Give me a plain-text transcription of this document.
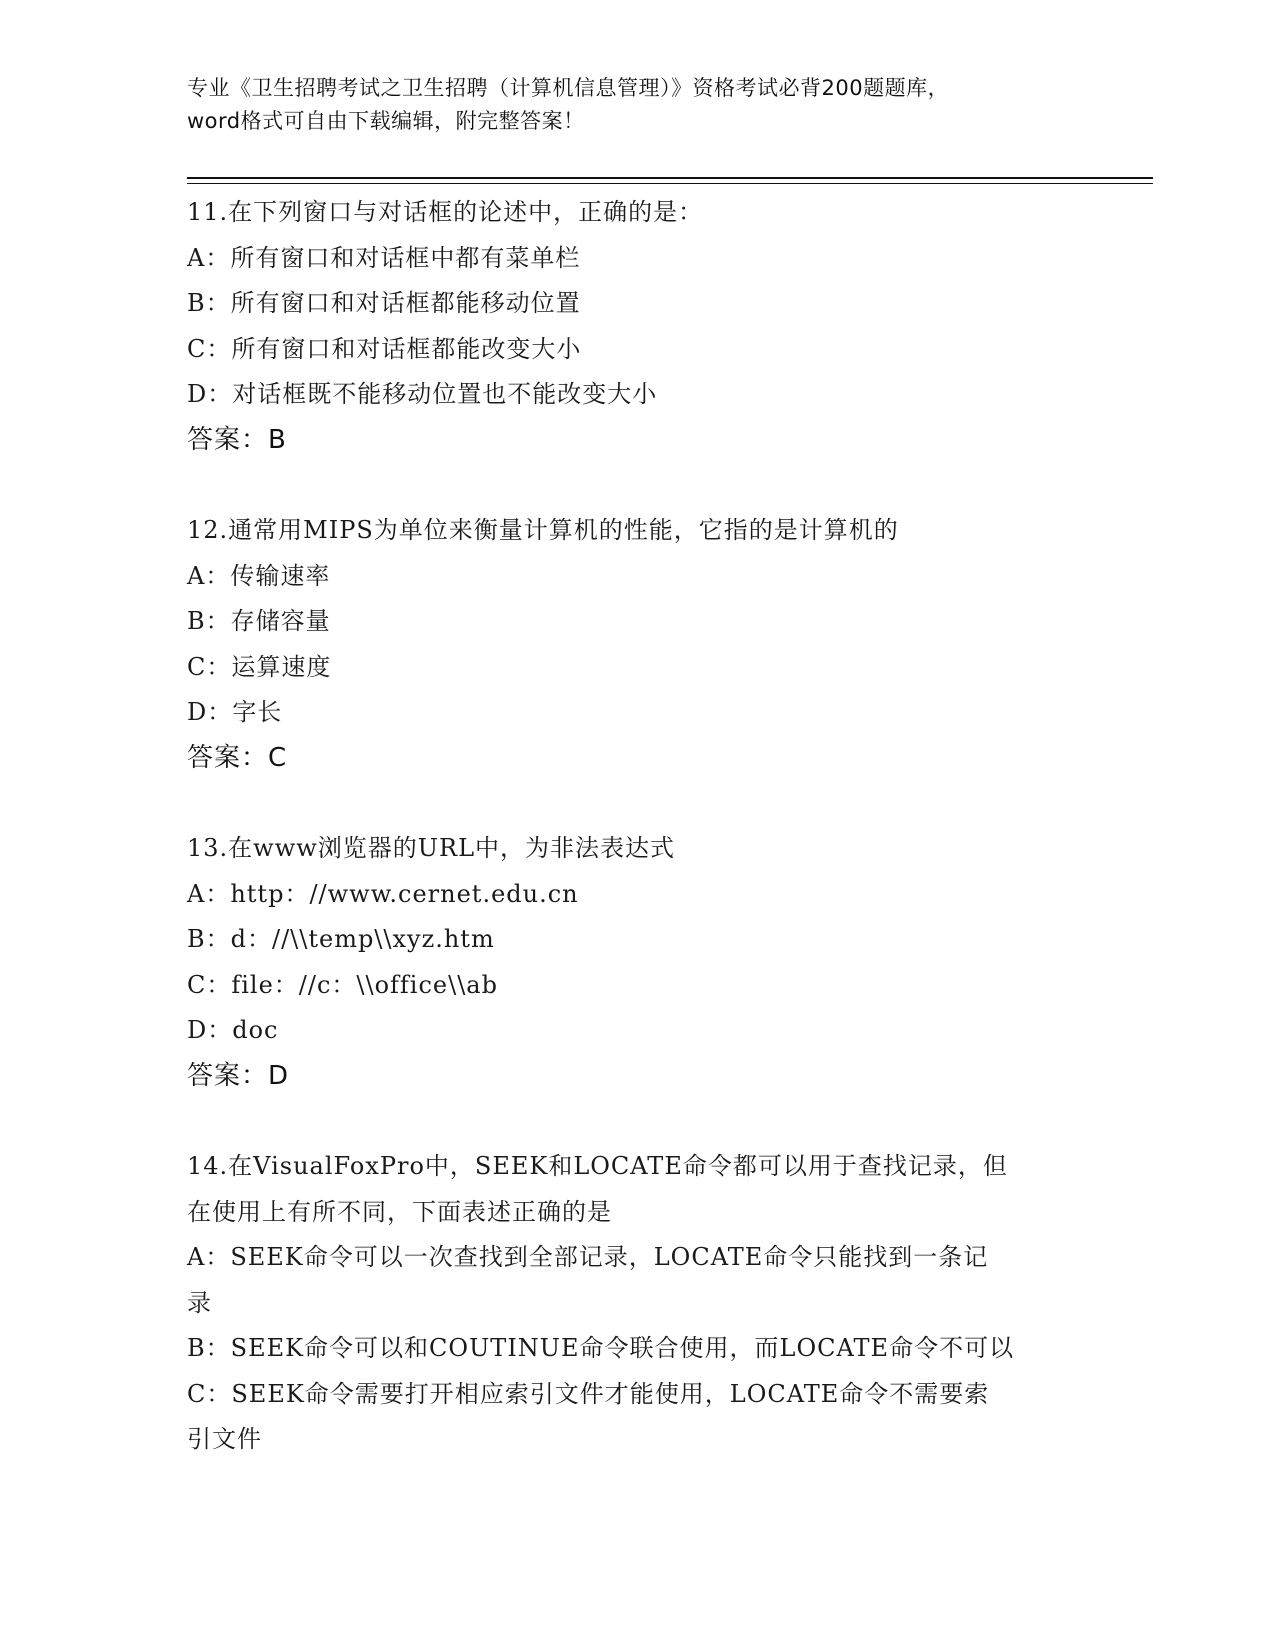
专业《卫生招聘考试之卫生招聘（计算机信息管理）》资格考试必背200题题库，
word格式可自由下载编辑，附完整答案！
11.在下列窗口与对话框的论述中，正确的是：
A：所有窗口和对话框中都有菜单栏
B：所有窗口和对话框都能移动位置
C：所有窗口和对话框都能改变大小
D：对话框既不能移动位置也不能改变大小
答案：B
12.通常用MIPS为单位来衡量计算机的性能，它指的是计算机的
A：传输速率
B：存储容量
C：运算速度
D：字长
答案：C
13.在www浏览器的URL中，为非法表达式
A：http：//www.cernet.edu.cn
B：d：//\\temp\\xyz.htm
C：file：//c：\\office\\ab
D：doc
答案：D
14.在VisualFoxPro中，SEEK和LOCATE命令都可以用于查找记录，但
在使用上有所不同，下面表述正确的是
A：SEEK命令可以一次查找到全部记录，LOCATE命令只能找到一条记
录
B：SEEK命令可以和COUTINUE命令联合使用，而LOCATE命令不可以
C：SEEK命令需要打开相应索引文件才能使用，LOCATE命令不需要索
引文件
